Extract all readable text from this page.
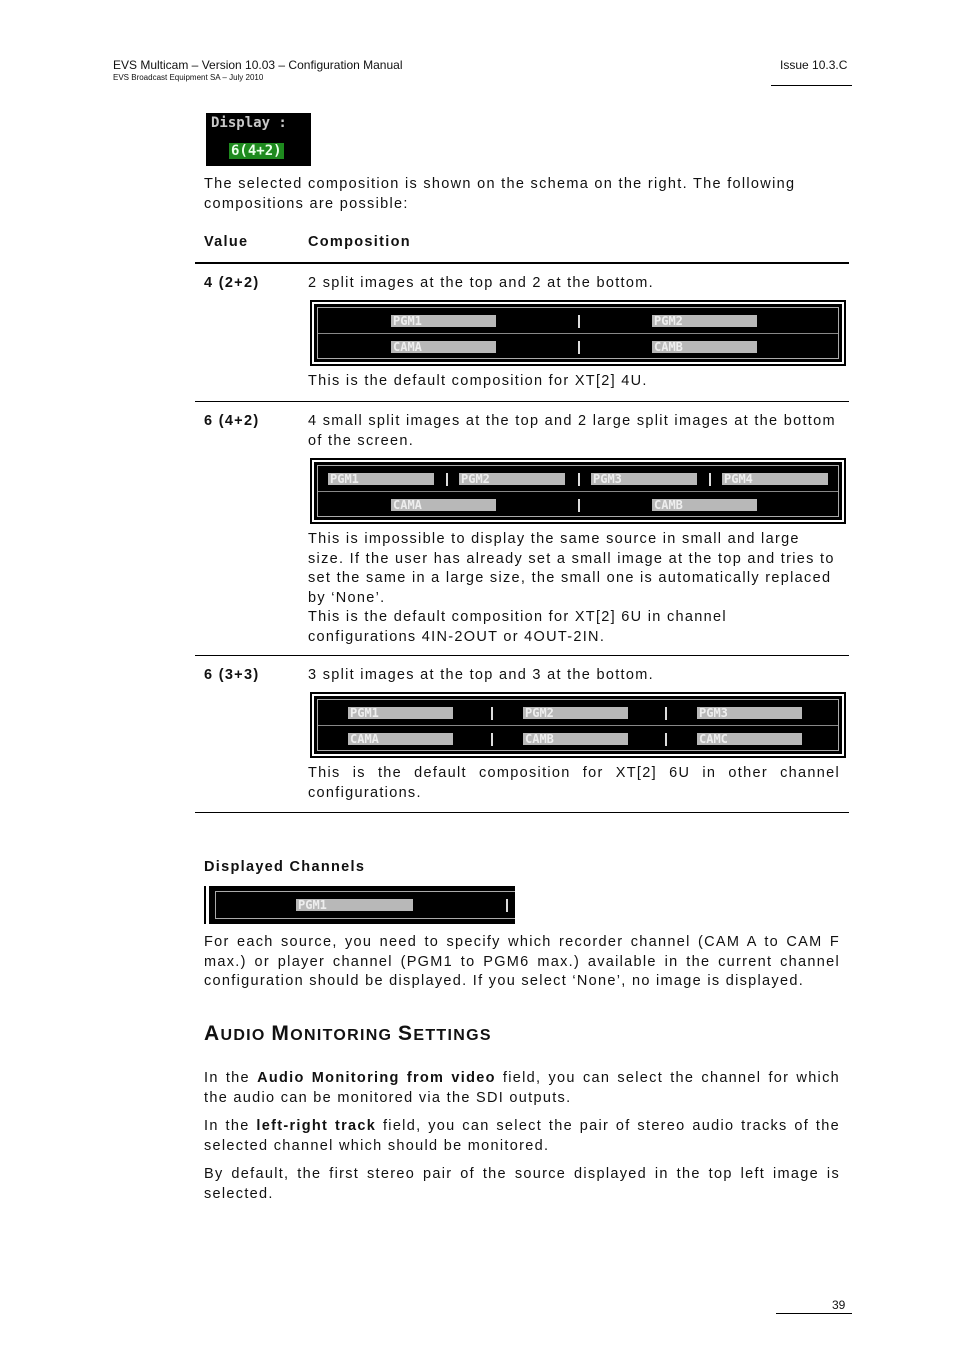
EVS Multicam – Version 10.03 – Configuration Manual
EVS Broadcast Equipment SA – July 2010
Issue 10.3.C
Display :
6(4+2)
The selected composition is shown on the schema on the right. The following compositions are possible:
Value	Composition
4 (2+2)	2 split images at the top and 2 at the bottom.
PGM1	PGM2
CAMA	CAMB
This is the default composition for XT[2] 4U.
6 (4+2)	4 small split images at the top and 2 large split images at the bottom
of the screen.
PGM1	PGM2	PGM3	PGM4
CAMA	CAMB
This is impossible to display the same source in small and large
size. If the user has already set a small image at the top and tries to
set the same in a large size, the small one is automatically replaced
by ‘None’.
This is the default composition for XT[2] 6U in channel
configurations 4IN-2OUT or 4OUT-2IN.
6 (3+3)	3 split images at the top and 3 at the bottom.
PGM1	PGM2	PGM3
CAMA	CAMB	CAMC
This is the default composition for XT[2] 6U in other channel
configurations.
Displayed Channels
PGM1
For each source, you need to specify which recorder channel (CAM A to CAM F max.) or player channel (PGM1 to PGM6 max.) available in the current channel configuration should be displayed. If you select ‘None’, no image is displayed.
AUDIO MONITORING SETTINGS
In the Audio Monitoring from video field, you can select the channel for which the audio can be monitored via the SDI outputs.
In the left-right track field, you can select the pair of stereo audio tracks of the selected channel which should be monitored.
By default, the first stereo pair of the source displayed in the top left image is selected.
39
